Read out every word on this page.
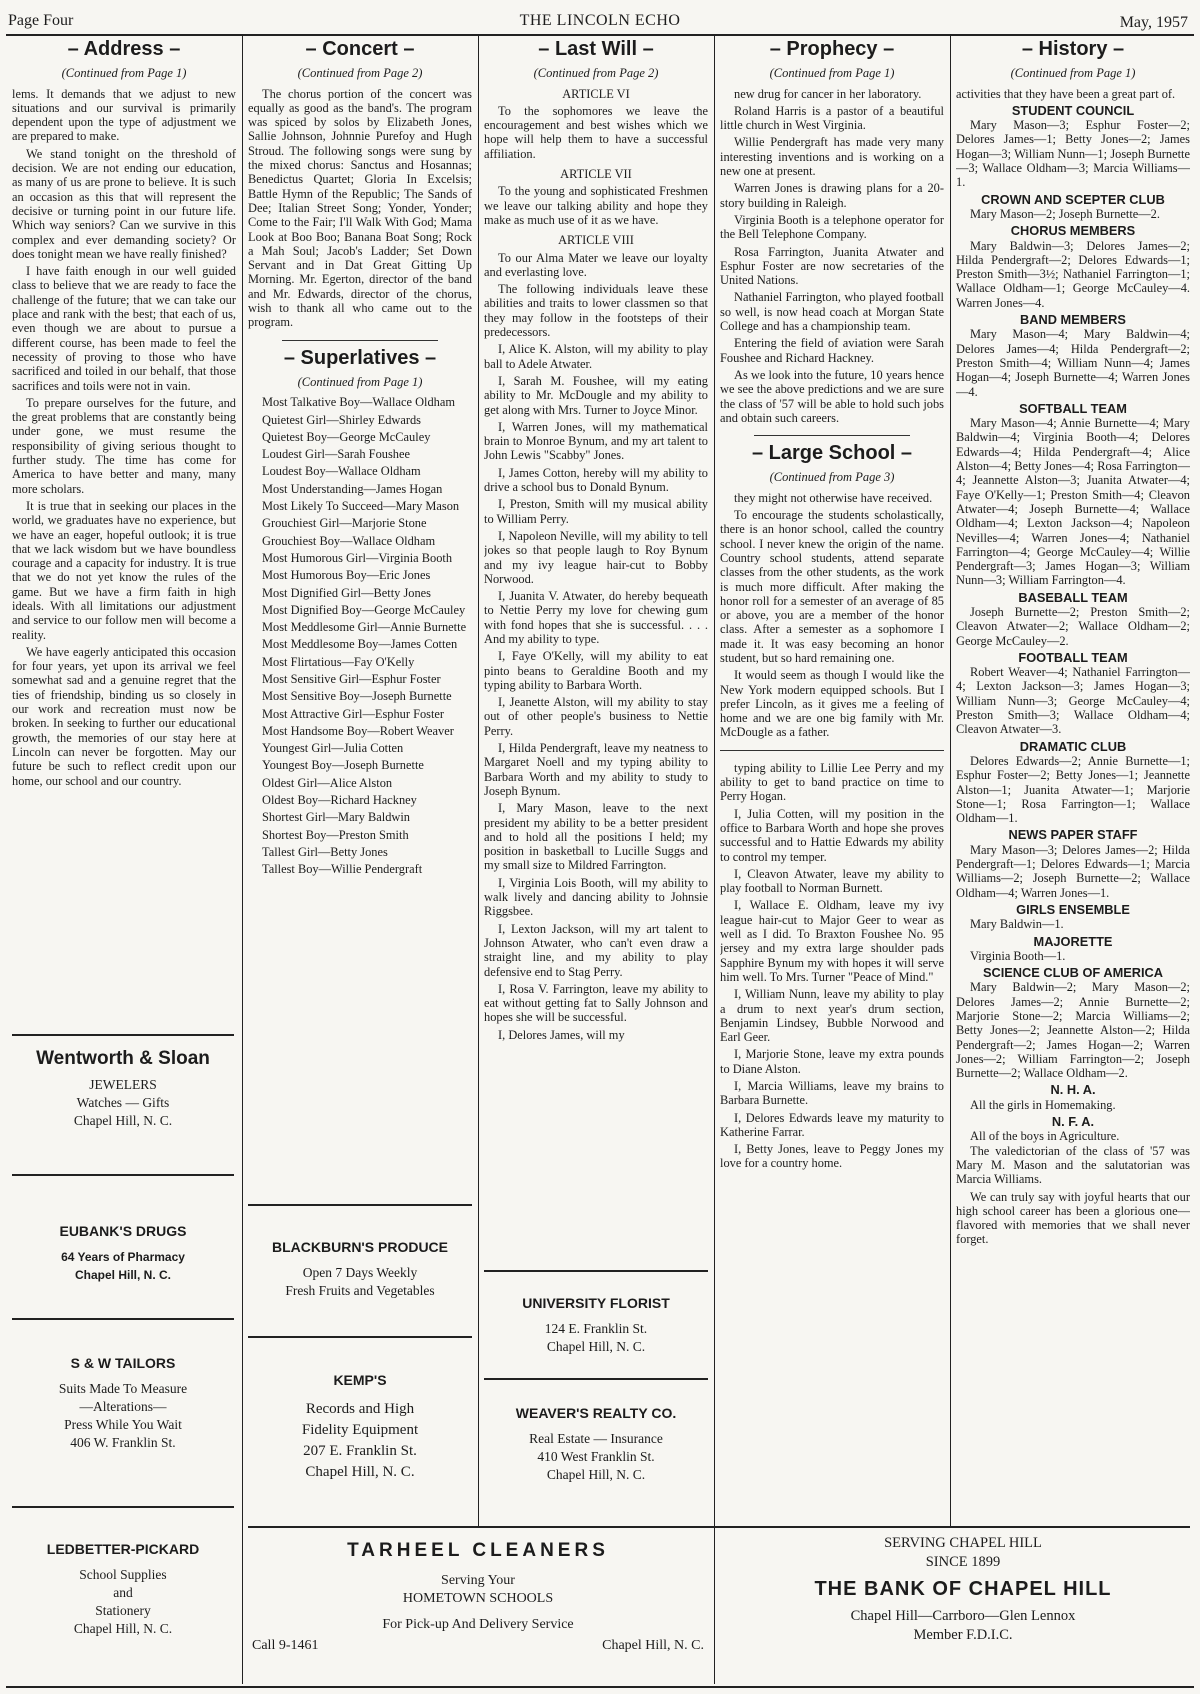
Page Four	THE LINCOLN ECHO	May, 1957
– Address –
(Continued from Page 1)

lems. It demands that we adjust to new situations and our survival is primarily dependent upon the type of adjustment we are prepared to make.

We stand tonight on the threshold of decision. We are not ending our education, as many of us are prone to believe. It is such an occasion as this that will represent the decisive or turning point in our future life. Which way seniors? Can we survive in this complex and ever demanding society? Or does tonight mean we have really finished?

I have faith enough in our well guided class to believe that we are ready to face the challenge of the future; that we can take our place and rank with the best; that each of us, even though we are about to pursue a different course, has been made to feel the necessity of proving to those who have sacrificed and toiled in our behalf, that those sacrifices and toils were not in vain.

To prepare ourselves for the future, and the great problems that are constantly being under gone, we must resume the responsibility of giving serious thought to further study. The time has come for America to have better and many, many more scholars.

It is true that in seeking our places in the world, we graduates have no experience, but we have an eager, hopeful outlook; it is true that we lack wisdom but we have boundless courage and a capacity for industry. It is true that we do not yet know the rules of the game. But we have a firm faith in high ideals. With all limitations our adjustment and service to our follow men will become a reality.

We have eagerly anticipated this occasion for four years, yet upon its arrival we feel somewhat sad and a genuine regret that the ties of friendship, binding us so closely in our work and recreation must now be broken. In seeking to further our educational growth, the memories of our stay here at Lincoln can never be forgotten. May our future be such to reflect credit upon our home, our school and our country.

– Concert –
(Continued from Page 2)

The chorus portion of the concert was equally as good as the band's. The program was spiced by solos by Elizabeth Jones, Sallie Johnson, Johnnie Purefoy and Hugh Stroud. The following songs were sung by the mixed chorus: Sanctus and Hosannas; Benedictus Quartet; Gloria In Excelsis; Battle Hymn of the Republic; The Sands of Dee; Italian Street Song; Yonder, Yonder; Come to the Fair; I'll Walk With God; Mama Look at Boo Boo; Banana Boat Song; Rock a Mah Soul; Jacob's Ladder; Set Down Servant and in Dat Great Gitting Up Morning. Mr. Egerton, director of the band and Mr. Edwards, director of the chorus, wish to thank all who came out to the program.

– Superlatives –
(Continued from Page 1)

Most Talkative Boy—Wallace Oldham

Quietest Girl—Shirley Edwards

Quietest Boy—George McCauley

Loudest Girl—Sarah Foushee

Loudest Boy—Wallace Oldham

Most Understanding—James Hogan

Most Likely To Succeed—Mary Mason

Grouchiest Girl—Marjorie Stone

Grouchiest Boy—Wallace Oldham

Most Humorous Girl—Virginia Booth

Most Humorous Boy—Eric Jones

Most Dignified Girl—Betty Jones

Most Dignified Boy—George McCauley

Most Meddlesome Girl—Annie Burnette

Most Meddlesome Boy—James Cotten

Most Flirtatious—Fay O'Kelly

Most Sensitive Girl—Esphur Foster

Most Sensitive Boy—Joseph Burnette

Most Attractive Girl—Esphur Foster

Most Handsome Boy—Robert Weaver

Youngest Girl—Julia Cotten

Youngest Boy—Joseph Burnette

Oldest Girl—Alice Alston

Oldest Boy—Richard Hackney

Shortest Girl—Mary Baldwin

Shortest Boy—Preston Smith

Tallest Girl—Betty Jones

Tallest Boy—Willie Pendergraft

– Last Will –
(Continued from Page 2)

ARTICLE VI

To the sophomores we leave the encouragement and best wishes which we hope will help them to have a successful affiliation.

ARTICLE VII

To the young and sophisticated Freshmen we leave our talking ability and hope they make as much use of it as we have.

ARTICLE VIII

To our Alma Mater we leave our loyalty and everlasting love.

The following individuals leave these abilities and traits to lower classmen so that they may follow in the footsteps of their predecessors.

I, Alice K. Alston, will my ability to play ball to Adele Atwater.

I, Sarah M. Foushee, will my eating ability to Mr. McDougle and my ability to get along with Mrs. Turner to Joyce Minor.

I, Warren Jones, will my mathematical brain to Monroe Bynum, and my art talent to John Lewis "Scabby" Jones.

I, James Cotton, hereby will my ability to drive a school bus to Donald Bynum.

I, Preston, Smith will my musical ability to William Perry.

I, Napoleon Neville, will my ability to tell jokes so that people laugh to Roy Bynum and my ivy league hair-cut to Bobby Norwood.

I, Juanita V. Atwater, do hereby bequeath to Nettie Perry my love for chewing gum with fond hopes that she is successful. . . . And my ability to type.

I, Faye O'Kelly, will my ability to eat pinto beans to Geraldine Booth and my typing ability to Barbara Worth.

I, Jeanette Alston, will my ability to stay out of other people's business to Nettie Perry.

I, Hilda Pendergraft, leave my neatness to Margaret Noell and my typing ability to Barbara Worth and my ability to study to Joseph Bynum.

I, Mary Mason, leave to the next president my ability to be a better president and to hold all the positions I held; my position in basketball to Lucille Suggs and my small size to Mildred Farrington.

I, Virginia Lois Booth, will my ability to walk lively and dancing ability to Johnsie Riggsbee.

I, Lexton Jackson, will my art talent to Johnson Atwater, who can't even draw a straight line, and my ability to play defensive end to Stag Perry.

I, Rosa V. Farrington, leave my ability to eat without getting fat to Sally Johnson and hopes she will be successful.

I, Delores James, will my

– Prophecy –
(Continued from Page 1)

new drug for cancer in her laboratory.

Roland Harris is a pastor of a beautiful little church in West Virginia.

Willie Pendergraft has made very many interesting inventions and is working on a new one at present.

Warren Jones is drawing plans for a 20-story building in Raleigh.

Virginia Booth is a telephone operator for the Bell Telephone Company.

Rosa Farrington, Juanita Atwater and Esphur Foster are now secretaries of the United Nations.

Nathaniel Farrington, who played football so well, is now head coach at Morgan State College and has a championship team.

Entering the field of aviation were Sarah Foushee and Richard Hackney.

As we look into the future, 10 years hence we see the above predictions and we are sure the class of '57 will be able to hold such jobs and obtain such careers.

– Large School –
(Continued from Page 3)

they might not otherwise have received.

To encourage the students scholastically, there is an honor school, called the country school. I never knew the origin of the name. Country school students, attend separate classes from the other students, as the work is much more difficult. After making the honor roll for a semester of an average of 85 or above, you are a member of the honor class. After a semester as a sophomore I made it. It was easy becoming an honor student, but so hard remaining one.

It would seem as though I would like the New York modern equipped schools. But I prefer Lincoln, as it gives me a feeling of home and we are one big family with Mr. McDougle as a father.

typing ability to Lillie Lee Perry and my ability to get to band practice on time to Perry Hogan.

I, Julia Cotten, will my position in the office to Barbara Worth and hope she proves successful and to Hattie Edwards my ability to control my temper.

I, Cleavon Atwater, leave my ability to play football to Norman Burnett.

I, Wallace E. Oldham, leave my ivy league hair-cut to Major Geer to wear as well as I did. To Braxton Foushee No. 95 jersey and my extra large shoulder pads Sapphire Bynum my with hopes it will serve him well. To Mrs. Turner "Peace of Mind."

I, William Nunn, leave my ability to play a drum to next year's drum section, Benjamin Lindsey, Bubble Norwood and Earl Geer.

I, Marjorie Stone, leave my extra pounds to Diane Alston.

I, Marcia Williams, leave my brains to Barbara Burnette.

I, Delores Edwards leave my maturity to Katherine Farrar.

I, Betty Jones, leave to Peggy Jones my love for a country home.

– History –
(Continued from Page 1)

activities that they have been a great part of.

STUDENT COUNCIL
Mary Mason—3; Esphur Foster—2; Delores James—1; Betty Jones—2; James Hogan—3; William Nunn—1; Joseph Burnette—3; Wallace Oldham—3; Marcia Williams—1.
CROWN AND SCEPTER CLUB
Mary Mason—2; Joseph Burnette—2.
CHORUS MEMBERS
Mary Baldwin—3; Delores James—2; Hilda Pendergraft—2; Delores Edwards—1; Preston Smith—3½; Nathaniel Farrington—1; Wallace Oldham—1; George McCauley—4. Warren Jones—4.
BAND MEMBERS
Mary Mason—4; Mary Baldwin—4; Delores James—4; Hilda Pendergraft—2; Preston Smith—4; William Nunn—4; James Hogan—4; Joseph Burnette—4; Warren Jones—4.
SOFTBALL TEAM
Mary Mason—4; Annie Burnette—4; Mary Baldwin—4; Virginia Booth—4; Delores Edwards—4; Hilda Pendergraft—4; Alice Alston—4; Betty Jones—4; Rosa Farrington—4; Jeannette Alston—3; Juanita Atwater—4; Faye O'Kelly—1; Preston Smith—4; Cleavon Atwater—4; Joseph Burnette—4; Wallace Oldham—4; Lexton Jackson—4; Napoleon Nevilles—4; Warren Jones—4; Nathaniel Farrington—4; George McCauley—4; Willie Pendergraft—3; James Hogan—3; William Nunn—3; William Farrington—4.
BASEBALL TEAM
Joseph Burnette—2; Preston Smith—2; Cleavon Atwater—2; Wallace Oldham—2; George McCauley—2.
FOOTBALL TEAM
Robert Weaver—4; Nathaniel Farrington—4; Lexton Jackson—3; James Hogan—3; William Nunn—3; George McCauley—4; Preston Smith—3; Wallace Oldham—4; Cleavon Atwater—3.
DRAMATIC CLUB
Delores Edwards—2; Annie Burnette—1; Esphur Foster—2; Betty Jones—1; Jeannette Alston—1; Juanita Atwater—1; Marjorie Stone—1; Rosa Farrington—1; Wallace Oldham—1.
NEWS PAPER STAFF
Mary Mason—3; Delores James—2; Hilda Pendergraft—1; Delores Edwards—1; Marcia Williams—2; Joseph Burnette—2; Wallace Oldham—4; Warren Jones—1.
GIRLS ENSEMBLE
Mary Baldwin—1.
MAJORETTE
Virginia Booth—1.
SCIENCE CLUB OF AMERICA
Mary Baldwin—2; Mary Mason—2; Delores James—2; Annie Burnette—2; Marjorie Stone—2; Marcia Williams—2; Betty Jones—2; Jeannette Alston—2; Hilda Pendergraft—2; James Hogan—2; Warren Jones—2; William Farrington—2; Joseph Burnette—2; Wallace Oldham—2.
N. H. A.
All the girls in Homemaking.
N. F. A.
All of the boys in Agriculture.

The valedictorian of the class of '57 was Mary M. Mason and the salutatorian was Marcia Williams.

We can truly say with joyful hearts that our high school career has been a glorious one—flavored with memories that we shall never forget.

Wentworth & Sloan
JEWELERS
Watches — Gifts
Chapel Hill, N. C.
EUBANK'S DRUGS
64 Years of Pharmacy
Chapel Hill, N. C.
S & W TAILORS
Suits Made To Measure
—Alterations—
Press While You Wait
406 W. Franklin St.
LEDBETTER-PICKARD
School Supplies
and
Stationery
Chapel Hill, N. C.
BLACKBURN'S PRODUCE
Open 7 Days Weekly
Fresh Fruits and Vegetables
KEMP'S
Records and High
Fidelity Equipment
207 E. Franklin St.
Chapel Hill, N. C.
UNIVERSITY FLORIST
124 E. Franklin St.
Chapel Hill, N. C.
WEAVER'S REALTY CO.
Real Estate — Insurance
410 West Franklin St.
Chapel Hill, N. C.
TARHEEL CLEANERS
Serving Your
HOMETOWN SCHOOLS
For Pick-up And Delivery Service
Call 9-1461	Chapel Hill, N. C.
SERVING CHAPEL HILL
SINCE 1899
THE BANK OF CHAPEL HILL
Chapel Hill—Carrboro—Glen Lennox
Member F.D.I.C.
